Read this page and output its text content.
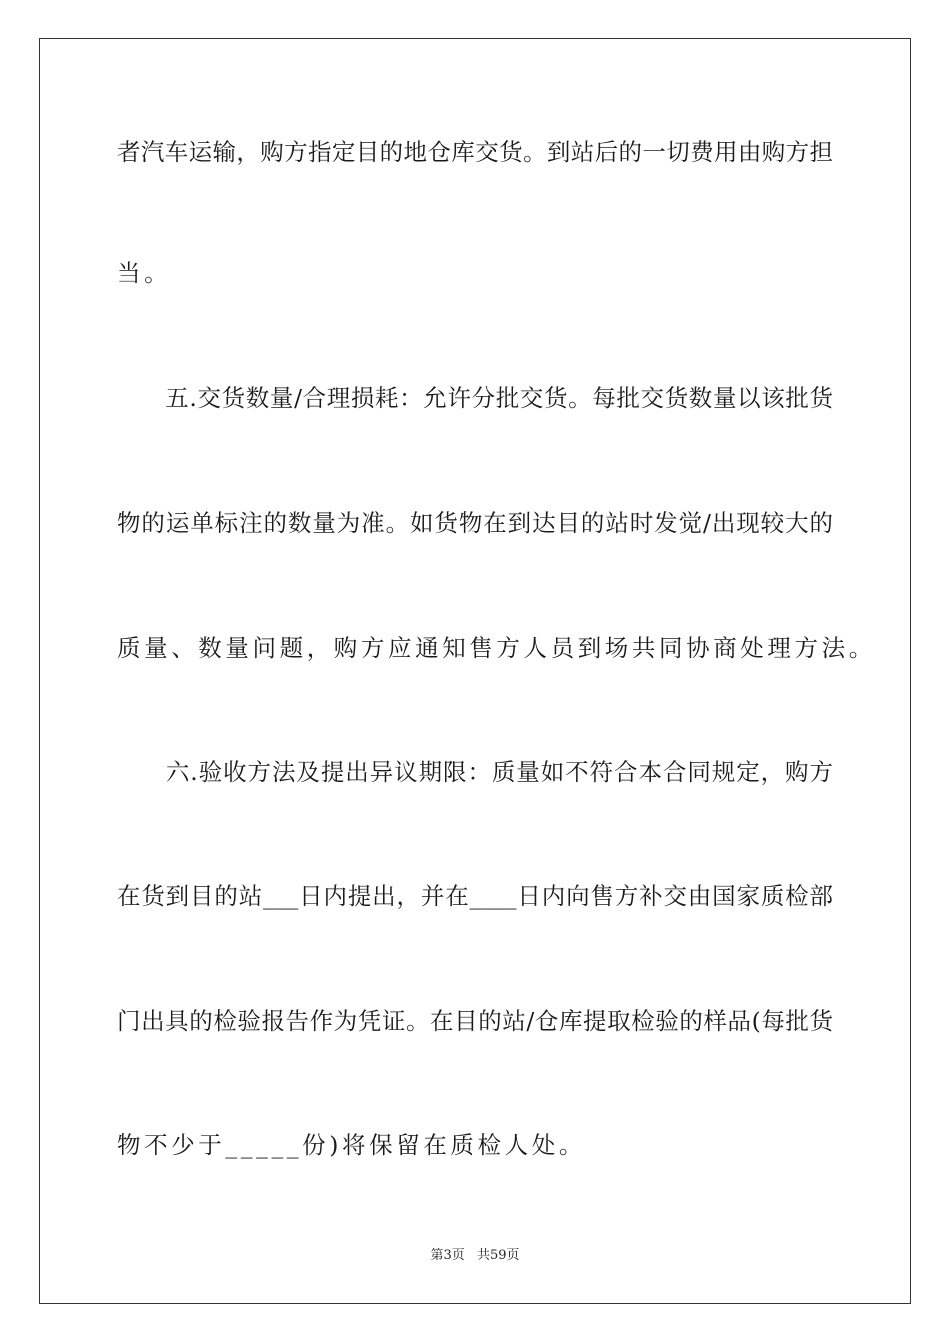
者汽车运输，购方指定目的地仓库交货。到站后的一切费用由购方担
当。
　　五.交货数量/合理损耗：允许分批交货。每批交货数量以该批货
物的运单标注的数量为准。如货物在到达目的站时发觉/出现较大的
质量、数量问题，购方应通知售方人员到场共同协商处理方法。
　　六.验收方法及提出异议期限：质量如不符合本合同规定，购方
在货到目的站___日内提出，并在____日内向售方补交由国家质检部
门出具的检验报告作为凭证。在目的站/仓库提取检验的样品(每批货
物不少于_____份)将保留在质检人处。
第3页 共59页
